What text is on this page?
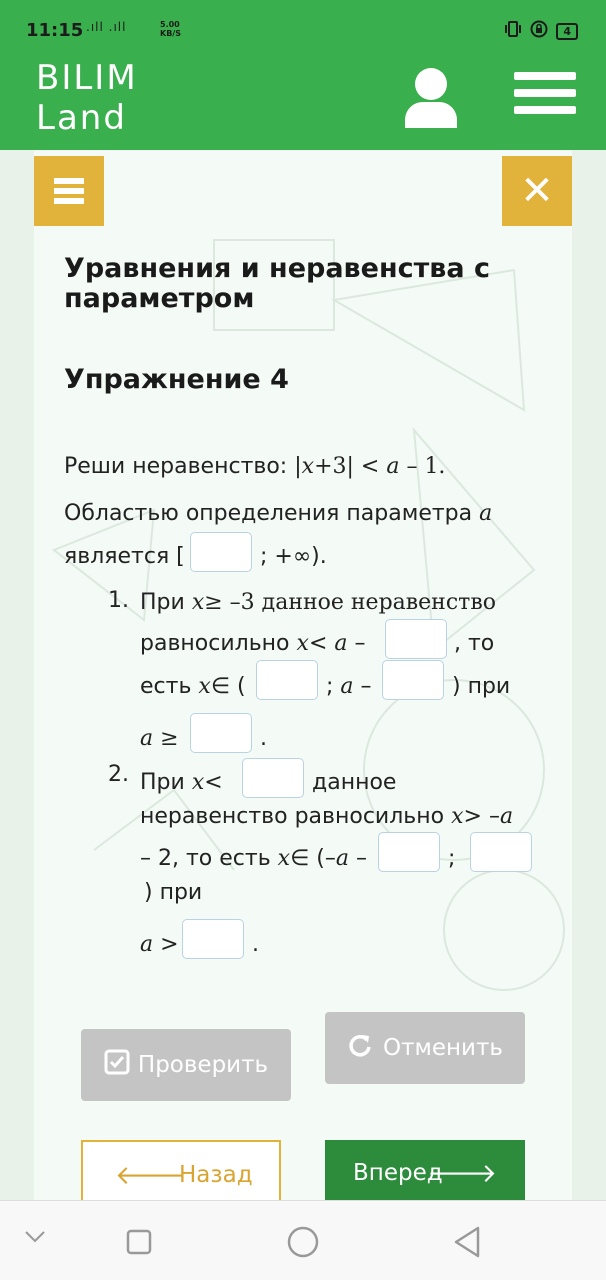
11:15 .ıll .ıll	5.00
KB/S	4
BILIM
Land
✕
Уравнения и неравенства с параметром
Упражнение 4
Реши неравенство: |x+3| < a – 1.
Областью определения параметра a
является [	; +∞).
1. При x≥ –3 данное неравенство
равносильно x< a –	, то
есть x∈ (	; a –	) при
a ≥	.
2. При x<	данное
неравенство равносильно x> –a
– 2, то есть x∈ (–a –	;
) при
a >	.
Проверить
Отменить
🡐
Назад	Вперед
🡒
